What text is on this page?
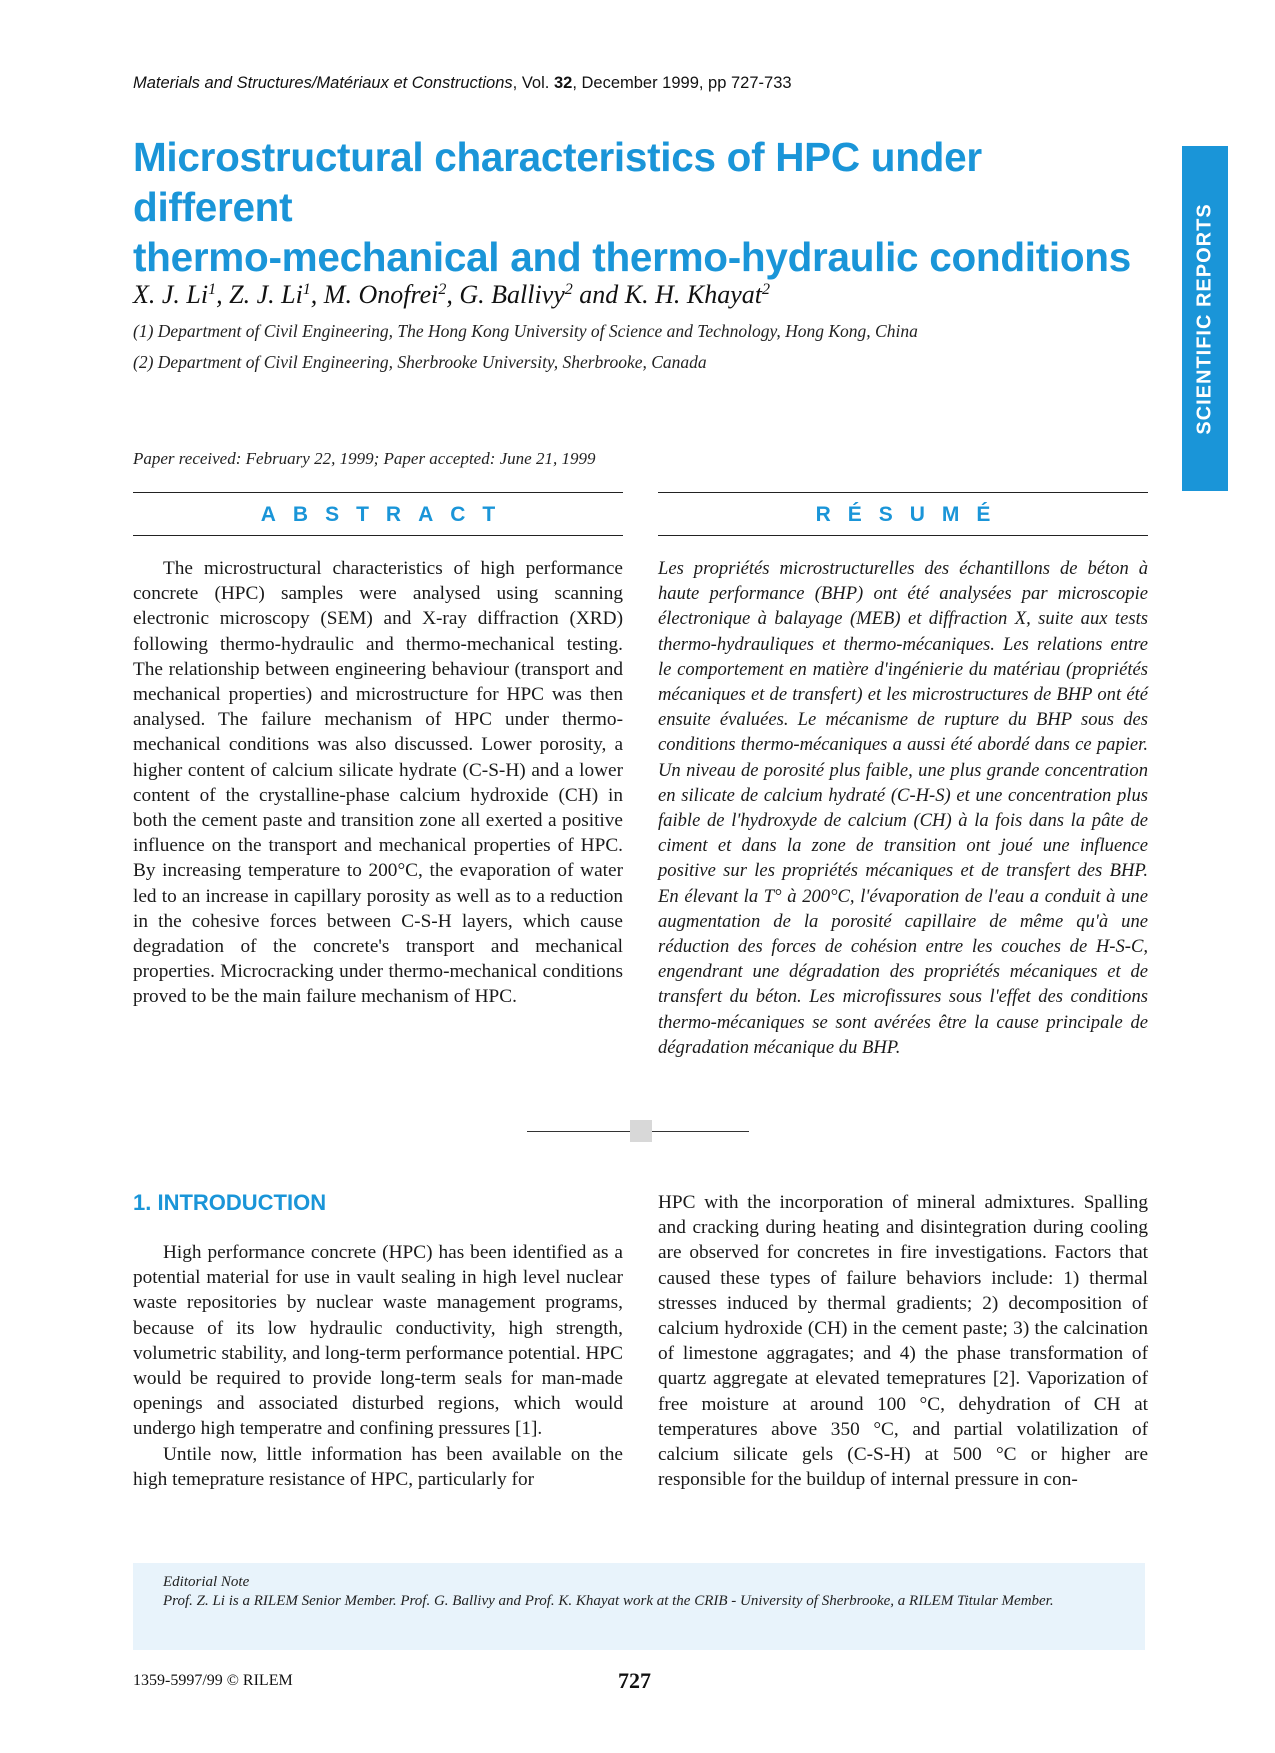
Materials and Structures/Matériaux et Constructions, Vol. 32, December 1999, pp 727-733
SCIENTIFIC REPORTS
Microstructural characteristics of HPC under different
thermo-mechanical and thermo-hydraulic conditions
X. J. Li$^1$, Z. J. Li$^1$, M. Onofrei$^2$, G. Ballivy$^2$ and K. H. Khayat$^2$
(1) Department of Civil Engineering, The Hong Kong University of Science and Technology, Hong Kong, China
(2) Department of Civil Engineering, Sherbrooke University, Sherbrooke, Canada
Paper received: February 22, 1999; Paper accepted: June 21, 1999
ABSTRACT

The microstructural characteristics of high performance concrete (HPC) samples were analysed using scanning electronic microscopy (SEM) and X-ray diffraction (XRD) following thermo-hydraulic and thermo-mechanical testing. The relationship between engineering behaviour (transport and mechanical properties) and microstructure for HPC was then analysed. The failure mechanism of HPC under thermo-mechanical conditions was also discussed. Lower porosity, a higher content of calcium silicate hydrate (C-S-H) and a lower content of the crystalline-phase calcium hydroxide (CH) in both the cement paste and transition zone all exerted a positive influence on the transport and mechanical properties of HPC. By increasing temperature to 200°C, the evaporation of water led to an increase in capillary porosity as well as to a reduction in the cohesive forces between C-S-H layers, which cause degradation of the concrete's transport and mechanical properties. Microcracking under thermo-mechanical conditions proved to be the main failure mechanism of HPC.

RÉSUMÉ

Les propriétés microstructurelles des échantillons de béton à haute performance (BHP) ont été analysées par microscopie électronique à balayage (MEB) et diffraction X, suite aux tests thermo-hydrauliques et thermo-mécaniques. Les relations entre le comportement en matière d'ingénierie du matériau (propriétés mécaniques et de transfert) et les microstructures de BHP ont été ensuite évaluées. Le mécanisme de rupture du BHP sous des conditions thermo-mécaniques a aussi été abordé dans ce papier. Un niveau de porosité plus faible, une plus grande concentration en silicate de calcium hydraté (C-H-S) et une concentration plus faible de l'hydroxyde de calcium (CH) à la fois dans la pâte de ciment et dans la zone de transition ont joué une influence positive sur les propriétés mécaniques et de transfert des BHP. En élevant la T° à 200°C, l'évaporation de l'eau a conduit à une augmentation de la porosité capillaire de même qu'à une réduction des forces de cohésion entre les couches de H-S-C, engendrant une dégradation des propriétés mécaniques et de transfert du béton. Les microfissures sous l'effet des conditions thermo-mécaniques se sont avérées être la cause principale de dégradation mécanique du BHP.

1. INTRODUCTION

High performance concrete (HPC) has been identified as a potential material for use in vault sealing in high level nuclear waste repositories by nuclear waste management programs, because of its low hydraulic conductivity, high strength, volumetric stability, and long-term performance potential. HPC would be required to provide long-term seals for man-made openings and associated disturbed regions, which would undergo high temperatre and confining pressures [1].

Untile now, little information has been available on the high temeprature resistance of HPC, particularly for

HPC with the incorporation of mineral admixtures. Spalling and cracking during heating and disintegration during cooling are observed for concretes in fire investigations. Factors that caused these types of failure behaviors include: 1) thermal stresses induced by thermal gradients; 2) decomposition of calcium hydroxide (CH) in the cement paste; 3) the calcination of limestone aggragates; and 4) the phase transformation of quartz aggregate at elevated temepratures [2]. Vaporization of free moisture at around 100 °C, dehydration of CH at temperatures above 350 °C, and partial volatilization of calcium silicate gels (C-S-H) at 500 °C or higher are responsible for the buildup of internal pressure in con-

Editorial Note
Prof. Z. Li is a RILEM Senior Member. Prof. G. Ballivy and Prof. K. Khayat work at the CRIB - University of Sherbrooke, a RILEM Titular Member.
1359-5997/99 © RILEM	727
